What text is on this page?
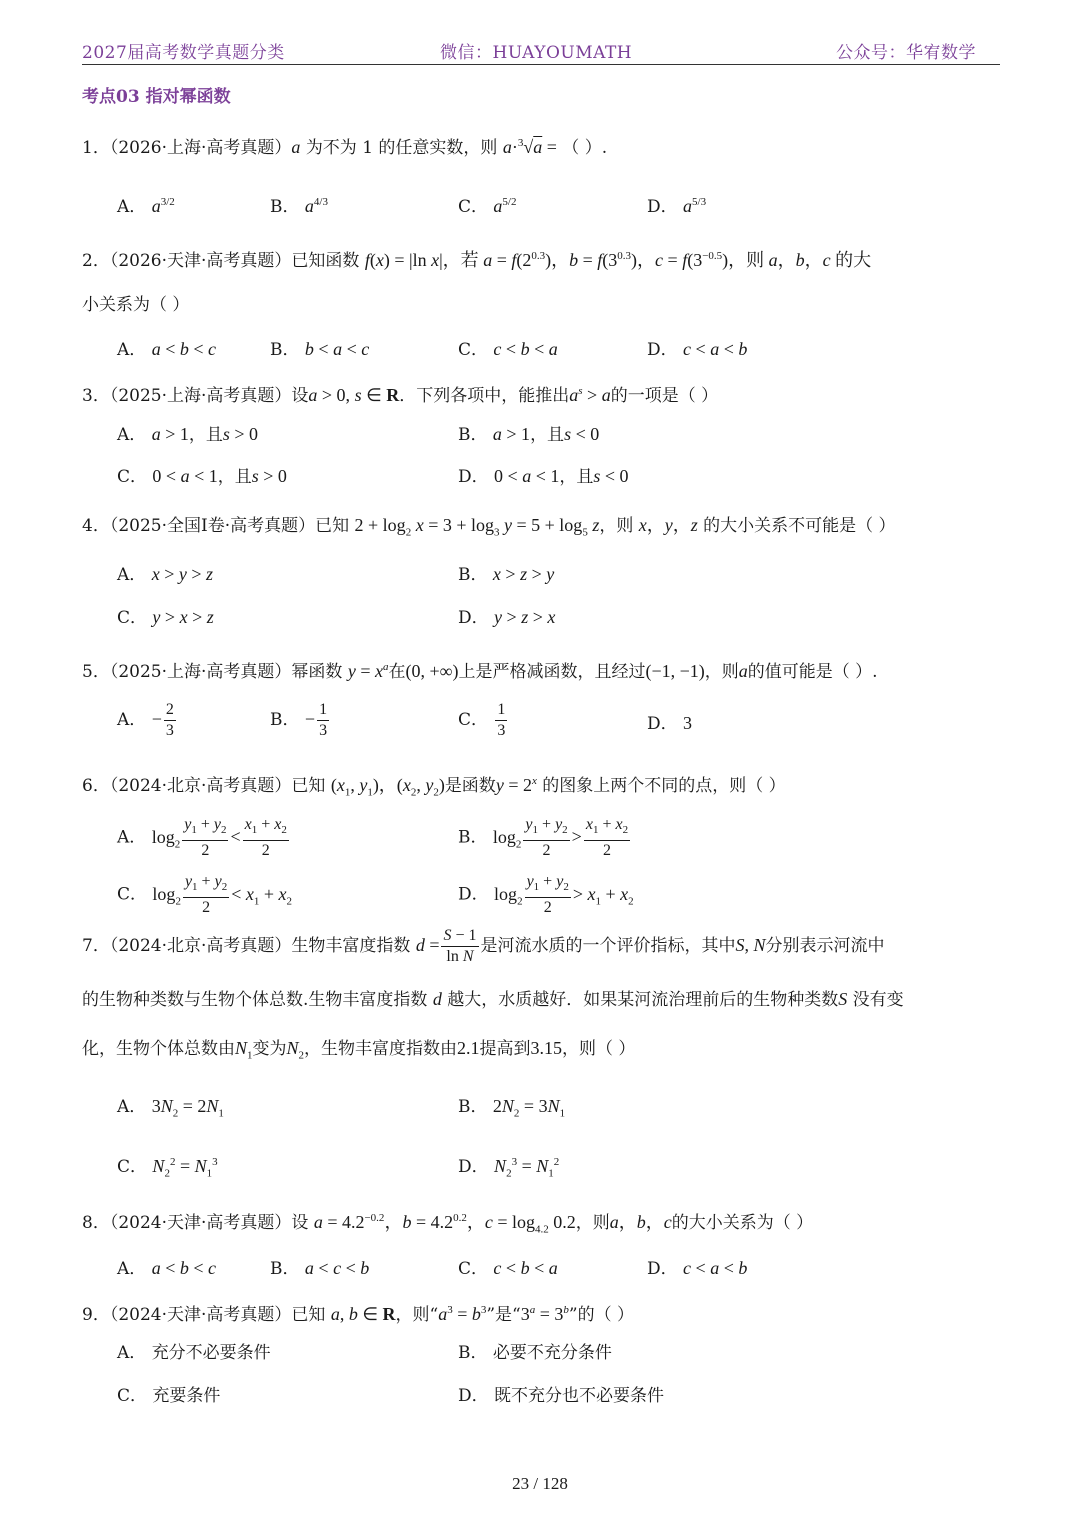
2027届高考数学真题分类	微信：HUAYOUMATH	公众号：华宥数学
考点03 指对幂函数
1．（2026·上海·高考真题）a 为不为 1 的任意实数，则 a·$^3$√a = （ ）.
A． $a^{3/2}$	B． $a^{4/3}$	C． $a^{5/2}$	D． $a^{5/3}$
2．（2026·天津·高考真题）已知函数 f(x) = |ln x|，若 $a = f(2^{0.3})$，$b = f(3^{0.3})$，$c = f(3^{-0.5})$，则 a，b，c 的大
小关系为（ ）
A． a < b < c	B． b < a < c	C． c < b < a	D． c < a < b
3．（2025·上海·高考真题）设a > 0, s ∈ R．下列各项中，能推出$a^s > a$的一项是（ ）
A． a > 1，且s > 0	B． a > 1，且s < 0
C． 0 < a < 1，且s > 0	D． 0 < a < 1，且s < 0
4．（2025·全国I卷·高考真题）已知 $2 + \log_2 x = 3 + \log_3 y = 5 + \log_5 z$，则 x，y，z 的大小关系不可能是（ ）
A． x > y > z	B． x > z > y
C． y > x > z	D． y > z > x
5．（2025·上海·高考真题）幂函数 $y = x^a$在(0, +∞)上是严格减函数，且经过(−1, −1)，则a的值可能是（ ）.
A． − $\frac{2}{3}$	B． − $\frac{1}{3}$	C． $\frac{1}{3}$	D． 3
6．（2024·北京·高考真题）已知 ($x_1$, $y_1$)，($x_2$, $y_2$)是函数$y = 2^x$ 的图象上两个不同的点，则（ ）
A． $\log_2 \frac{y_1 + y_2}{2} < \frac{x_1 + x_2}{2}$	B． $\log_2 \frac{y_1 + y_2}{2} > \frac{x_1 + x_2}{2}$
C． $\log_2 \frac{y_1 + y_2}{2} < x_1 + x_2$	D． $\log_2 \frac{y_1 + y_2}{2} > x_1 + x_2$
7．（2024·北京·高考真题）生物丰富度指数 $d = \frac{S - 1}{\text{ln N}}$ 是河流水质的一个评价指标，其中S, N分别表示河流中
的生物种类数与生物个体总数.生物丰富度指数 d 越大，水质越好．如果某河流治理前后的生物种类数S 没有变
化，生物个体总数由$N_1$变为$N_2$，生物丰富度指数由2.1提高到3.15，则（ ）
A． $3N_2 = 2N_1$	B． $2N_2 = 3N_1$
C． $N_2^2 = N_1^3$	D． $N_2^3 = N_1^2$
8．（2024·天津·高考真题）设 $a = 4.2^{-0.2}$，$b = 4.2^{0.2}$，$c = \log_{4.2} 0.2$，则a，b，c的大小关系为（ ）
A． a < b < c	B． a < c < b	C． c < b < a	D． c < a < b
9．（2024·天津·高考真题）已知 a, b ∈ R，则“$a^3 = b^3$”是“$3^a = 3^b$”的（ ）
A． 充分不必要条件	B． 必要不充分条件
C． 充要条件	D． 既不充分也不必要条件
23 / 128
